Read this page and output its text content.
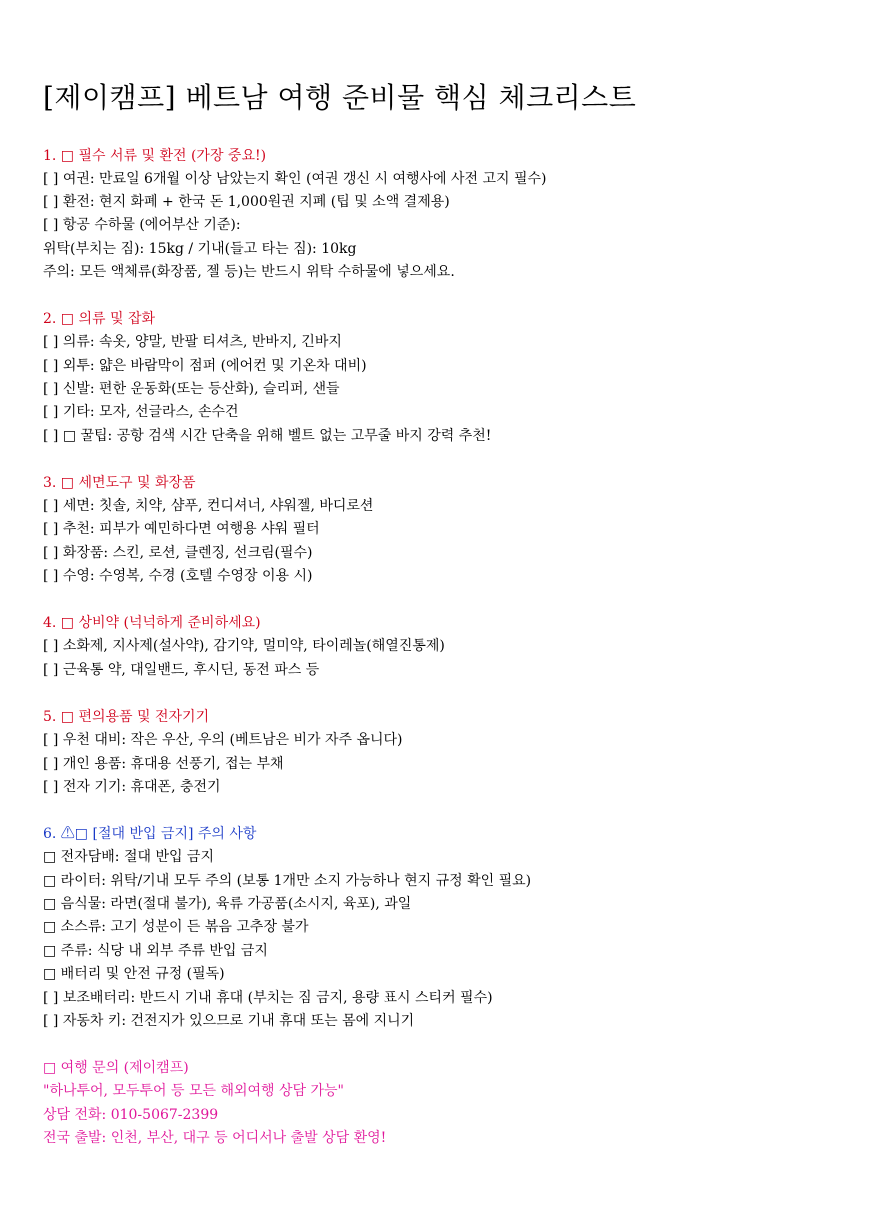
[제이캠프] 베트남 여행 준비물 핵심 체크리스트

1. □ 필수 서류 및 환전 (가장 중요!)

[ ] 여권: 만료일 6개월 이상 남았는지 확인 (여권 갱신 시 여행사에 사전 고지 필수)

[ ] 환전: 현지 화폐 + 한국 돈 1,000원권 지폐 (팁 및 소액 결제용)

[ ] 항공 수하물 (에어부산 기준):

위탁(부치는 짐): 15kg / 기내(들고 타는 짐): 10kg

주의: 모든 액체류(화장품, 젤 등)는 반드시 위탁 수하물에 넣으세요.

2. □ 의류 및 잡화

[ ] 의류: 속옷, 양말, 반팔 티셔츠, 반바지, 긴바지

[ ] 외투: 얇은 바람막이 점퍼 (에어컨 및 기온차 대비)

[ ] 신발: 편한 운동화(또는 등산화), 슬리퍼, 샌들

[ ] 기타: 모자, 선글라스, 손수건

[ ] □ 꿀팁: 공항 검색 시간 단축을 위해 벨트 없는 고무줄 바지 강력 추천!

3. □ 세면도구 및 화장품

[ ] 세면: 칫솔, 치약, 샴푸, 컨디셔너, 샤워젤, 바디로션

[ ] 추천: 피부가 예민하다면 여행용 샤워 필터

[ ] 화장품: 스킨, 로션, 클렌징, 선크림(필수)

[ ] 수영: 수영복, 수경 (호텔 수영장 이용 시)

4. □ 상비약 (넉넉하게 준비하세요)

[ ] 소화제, 지사제(설사약), 감기약, 멀미약, 타이레놀(해열진통제)

[ ] 근육통 약, 대일밴드, 후시딘, 동전 파스 등

5. □ 편의용품 및 전자기기

[ ] 우천 대비: 작은 우산, 우의 (베트남은 비가 자주 옵니다)

[ ] 개인 용품: 휴대용 선풍기, 접는 부채

[ ] 전자 기기: 휴대폰, 충전기

6. ⚠□ [절대 반입 금지] 주의 사항

□ 전자담배: 절대 반입 금지

□ 라이터: 위탁/기내 모두 주의 (보통 1개만 소지 가능하나 현지 규정 확인 필요)

□ 음식물: 라면(절대 불가), 육류 가공품(소시지, 육포), 과일

□ 소스류: 고기 성분이 든 볶음 고추장 불가

□ 주류: 식당 내 외부 주류 반입 금지

□ 배터리 및 안전 규정 (필독)

[ ] 보조배터리: 반드시 기내 휴대 (부치는 짐 금지, 용량 표시 스티커 필수)

[ ] 자동차 키: 건전지가 있으므로 기내 휴대 또는 몸에 지니기

□ 여행 문의 (제이캠프)

"하나투어, 모두투어 등 모든 해외여행 상담 가능"

상담 전화: 010-5067-2399

전국 출발: 인천, 부산, 대구 등 어디서나 출발 상담 환영!
